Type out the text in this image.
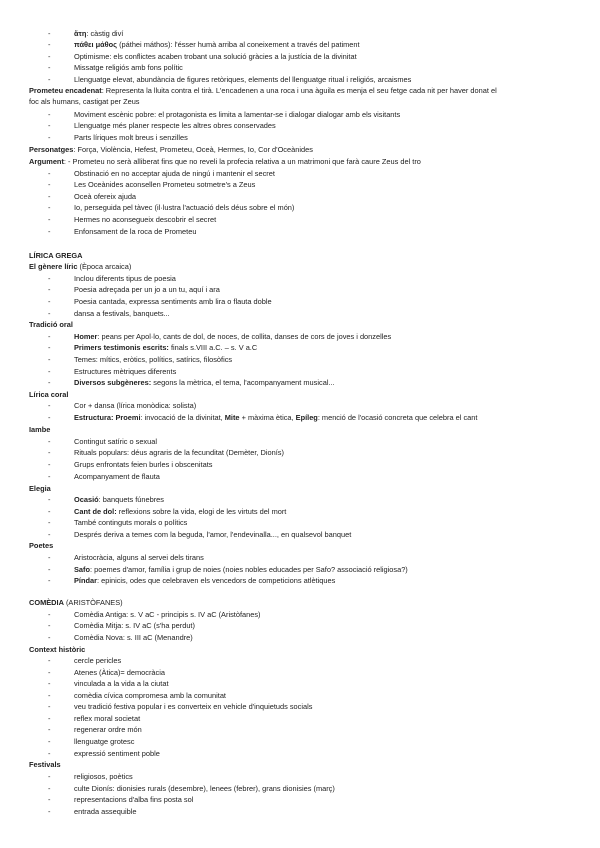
- ἄτη: càstig diví
- πάθει μάθος (páthei máthos): l'ésser humà arriba al coneixement a través del patiment
- Optimisme: els conflictes acaben trobant una solució gràcies a la justícia de la divinitat
- Missatge religiós amb fons polític
- Llenguatge elevat, abundància de figures retòriques, elements del llenguatge ritual i religiós, arcaismes
Prometeu encadenat: Representa la lluita contra el tirà. L'encadenen a una roca i una àguila es menja el seu fetge cada nit per haver donat el
foc als humans, castigat per Zeus
- Moviment escènic pobre: el protagonista es limita a lamentar-se i dialogar dialogar amb els visitants
- Llenguatge més planer respecte les altres obres conservades
- Parts líriques molt breus i senzilles
Personatges: Força, Violència, Hefest, Prometeu, Oceà, Hermes, Io, Cor d'Oceànides
Argument: - Prometeu no serà alliberat fins que no reveli la profecia relativa a un matrimoni que farà caure Zeus del tro
- Obstinació en no acceptar ajuda de ningú i mantenir el secret
- Les Oceànides aconsellen Prometeu sotmetre's a Zeus
- Oceà ofereix ajuda
- Io, perseguida pel tàvec (il·lustra l'actuació dels déus sobre el món)
- Hermes no aconsegueix descobrir el secret
- Enfonsament de la roca de Prometeu
LÍRICA GREGA
El gènere líric (Època arcaica)
- Inclou diferents tipus de poesia
- Poesia adreçada per un jo a un tu, aquí i ara
- Poesia cantada, expressa sentiments amb lira o flauta doble
- dansa a festivals, banquets...
Tradició oral
- Homer: peans per Apol·lo, cants de dol, de noces, de collita, danses de cors de joves i donzelles
- Primers testimonis escrits: finals s.VIII a.C. – s. V a.C
- Temes: mítics, eròtics, polítics, satírics, filosòfics
- Estructures mètriques diferents
- Diversos subgèneres: segons la mètrica, el tema, l'acompanyament musical...
Lírica coral
- Cor + dansa (lírica monòdica: solista)
- Estructura: Proemi: invocació de la divinitat, Mite + màxima ètica, Epíleg: menció de l'ocasió concreta que celebra el cant
Iambe
- Contingut satíric o sexual
- Rituals populars: déus agraris de la fecunditat (Demèter, Dionís)
- Grups enfrontats feien burles i obscenitats
- Acompanyament de flauta
Elegia
- Ocasió: banquets fúnebres
- Cant de dol: reflexions sobre la vida, elogi de les virtuts del mort
- També continguts morals o polítics
- Després deriva a temes com la beguda, l'amor, l'endevinalla..., en qualsevol banquet
Poetes
- Aristocràcia, alguns al servei dels tirans
- Safo: poemes d'amor, família i grup de noies (noies nobles educades per Safo? associació religiosa?)
- Píndar: epinicis, odes que celebraven els vencedors de competicions atlètiques
COMÈDIA (ARISTÒFANES)
- Comèdia Antiga: s. V aC - principis s. IV aC (Aristòfanes)
- Comèdia Mitja: s. IV aC (s'ha perdut)
- Comèdia Nova: s. III aC (Menandre)
Context històric
- cercle pericles
- Atenes (Àtica)= democràcia
- vinculada a la vida a la ciutat
- comèdia cívica compromesa amb la comunitat
- veu tradició festiva popular i es converteix en vehicle d'inquietuds socials
- reflex moral societat
- regenerar ordre món
- llenguatge grotesc
- expressió sentiment poble
Festivals
- religiosos, poètics
- culte Dionís: dionisies rurals (desembre), lenees (febrer), grans dionisies (març)
- representacions d'alba fins posta sol
- entrada assequible
